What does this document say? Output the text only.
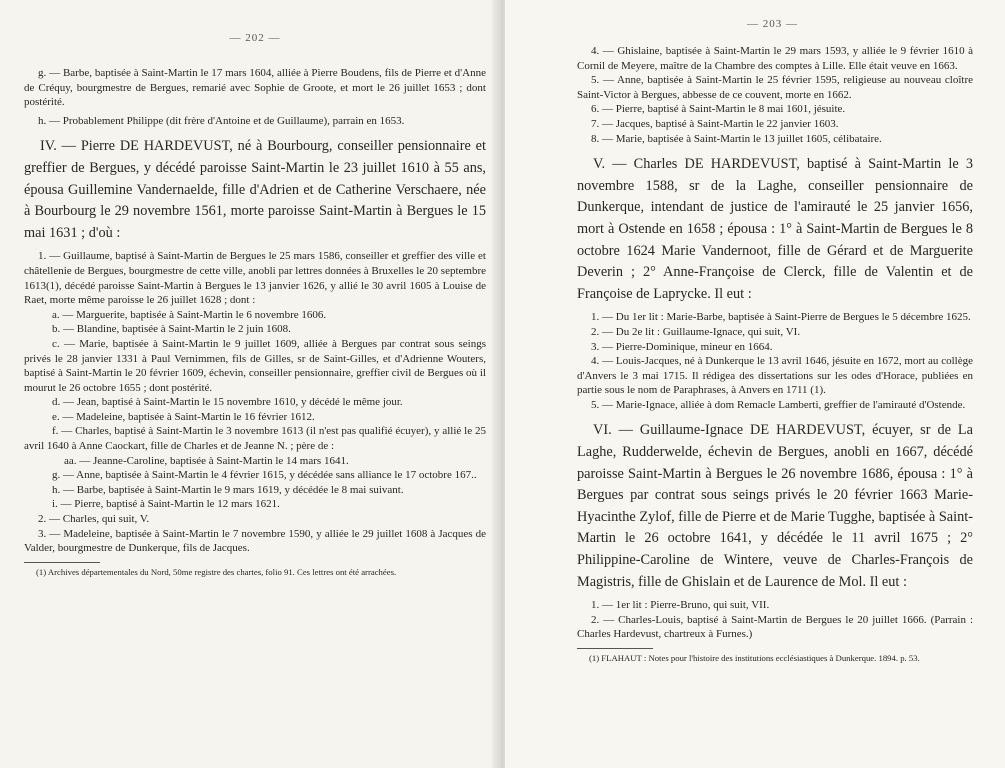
— 202 —

g. — Barbe, baptisée à Saint-Martin le 17 mars 1604, alliée à Pierre Boudens, fils de Pierre et d'Anne de Créquy, bourgmestre de Bergues, remarié avec Sophie de Groote, et mort le 26 juillet 1653 ; dont postérité.

h. — Probablement Philippe (dit frère d'Antoine et de Guillaume), parrain en 1653.

IV. — Pierre DE HARDEVUST, né à Bourbourg, conseiller pensionnaire et greffier de Bergues, y décédé paroisse Saint-Martin le 23 juillet 1610 à 55 ans, épousa Guillemine Vandernaelde, fille d'Adrien et de Catherine Verschaere, née à Bourbourg le 29 novembre 1561, morte paroisse Saint-Martin à Bergues le 15 mai 1631 ; d'où :

1. — Guillaume, baptisé à Saint-Martin de Bergues le 25 mars 1586, conseiller et greffier des ville et châtellenie de Bergues, bourgmestre de cette ville, anobli par lettres données à Bruxelles le 20 septembre 1613(1), décédé paroisse Saint-Martin à Bergues le 13 janvier 1626, y allié le 30 avril 1605 à Louise de Raet, morte même paroisse le 26 juillet 1628 ; dont :

a. — Marguerite, baptisée à Saint-Martin le 6 novembre 1606.

b. — Blandine, baptisée à Saint-Martin le 2 juin 1608.

c. — Marie, baptisée à Saint-Martin le 9 juillet 1609, alliée à Bergues par contrat sous seings privés le 28 janvier 1331 à Paul Vernimmen, fils de Gilles, sr de Saint-Gilles, et d'Adrienne Wouters, baptisé à Saint-Martin le 20 février 1609, échevin, conseiller pensionnaire, greffier civil de Bergues où il mourut le 26 octobre 1655 ; dont postérité.

d. — Jean, baptisé à Saint-Martin le 15 novembre 1610, y décédé le même jour.

e. — Madeleine, baptisée à Saint-Martin le 16 février 1612.

f. — Charles, baptisé à Saint-Martin le 3 novembre 1613 (il n'est pas qualifié écuyer), y allié le 25 avril 1640 à Anne Caockart, fille de Charles et de Jeanne N. ; père de :

aa. — Jeanne-Caroline, baptisée à Saint-Martin le 14 mars 1641.

g. — Anne, baptisée à Saint-Martin le 4 février 1615, y décédée sans alliance le 17 octobre 167..

h. — Barbe, baptisée à Saint-Martin le 9 mars 1619, y décédée le 8 mai suivant.

i. — Pierre, baptisé à Saint-Martin le 12 mars 1621.

2. — Charles, qui suit, V.

3. — Madeleine, baptisée à Saint-Martin le 7 novembre 1590, y alliée le 29 juillet 1608 à Jacques de Valder, bourgmestre de Dunkerque, fils de Jacques.

(1) Archives départementales du Nord, 50me registre des chartes, folio 91. Ces lettres ont été arrachées.

— 203 —

4. — Ghislaine, baptisée à Saint-Martin le 29 mars 1593, y alliée le 9 février 1610 à Cornil de Meyere, maître de la Chambre des comptes à Lille. Elle était veuve en 1663.

5. — Anne, baptisée à Saint-Martin le 25 février 1595, religieuse au nouveau cloître Saint-Victor à Bergues, abbesse de ce couvent, morte en 1662.

6. — Pierre, baptisé à Saint-Martin le 8 mai 1601, jésuite.

7. — Jacques, baptisé à Saint-Martin le 22 janvier 1603.

8. — Marie, baptisée à Saint-Martin le 13 juillet 1605, célibataire.

V. — Charles DE HARDEVUST, baptisé à Saint-Martin le 3 novembre 1588, sr de la Laghe, conseiller pensionnaire de Dunkerque, intendant de justice de l'amirauté le 25 janvier 1656, mort à Ostende en 1658 ; épousa : 1° à Saint-Martin de Bergues le 8 octobre 1624 Marie Vandernoot, fille de Gérard et de Marguerite Deverin ; 2° Anne-Françoise de Clerck, fille de Valentin et de Françoise de Laprycke. Il eut :

1. — Du 1er lit : Marie-Barbe, baptisée à Saint-Pierre de Bergues le 5 décembre 1625.

2. — Du 2e lit : Guillaume-Ignace, qui suit, VI.

3. — Pierre-Dominique, mineur en 1664.

4. — Louis-Jacques, né à Dunkerque le 13 avril 1646, jésuite en 1672, mort au collège d'Anvers le 3 mai 1715. Il rédigea des dissertations sur les odes d'Horace, publiées en partie sous le nom de Paraphrases, à Anvers en 1711 (1).

5. — Marie-Ignace, alliée à dom Remacle Lamberti, greffier de l'amirauté d'Ostende.

VI. — Guillaume-Ignace DE HARDEVUST, écuyer, sr de La Laghe, Rudderwelde, échevin de Bergues, anobli en 1667, décédé paroisse Saint-Martin à Bergues le 26 novembre 1686, épousa : 1° à Bergues par contrat sous seings privés le 20 février 1663 Marie-Hyacinthe Zylof, fille de Pierre et de Marie Tugghe, baptisée à Saint-Martin le 26 octobre 1641, y décédée le 11 avril 1675 ; 2° Philippine-Caroline de Wintere, veuve de Charles-François de Magistris, fille de Ghislain et de Laurence de Mol. Il eut :

1. — 1er lit : Pierre-Bruno, qui suit, VII.

2. — Charles-Louis, baptisé à Saint-Martin de Bergues le 20 juillet 1666. (Parrain : Charles Hardevust, chartreux à Furnes.)

(1) FLAHAUT : Notes pour l'histoire des institutions ecclésiastiques à Dunkerque. 1894. p. 53.
